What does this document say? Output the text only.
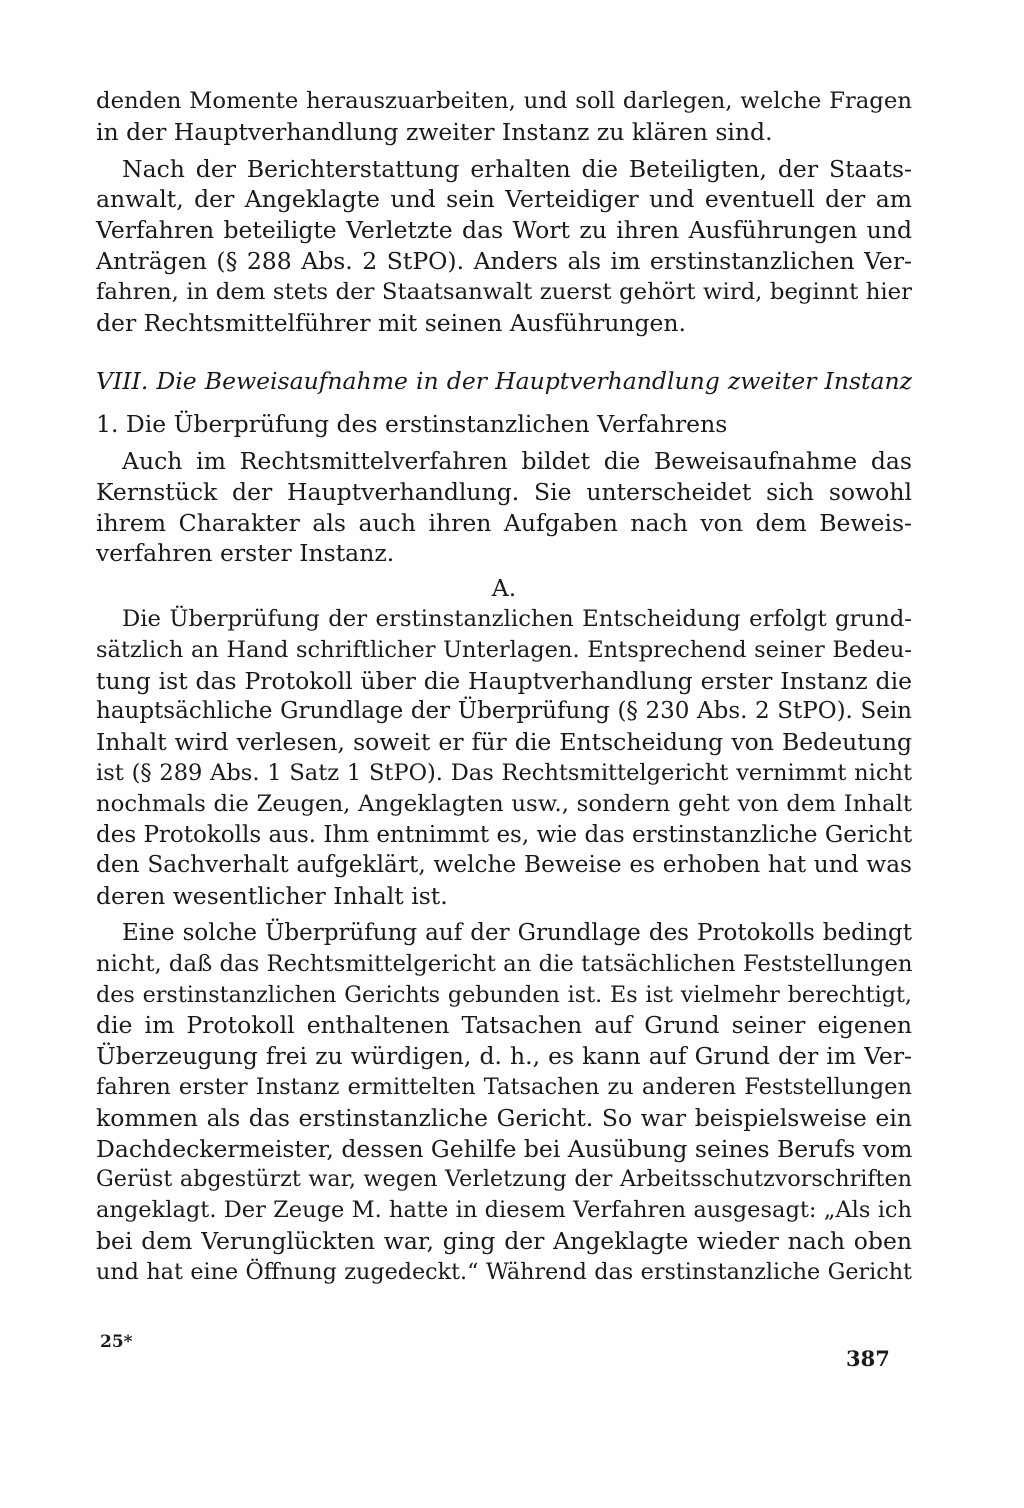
denden Momente herauszuarbeiten, und soll darlegen, welche Fragen
in der Hauptverhandlung zweiter Instanz zu klären sind.
Nach der Berichterstattung erhalten die Beteiligten, der Staats-
anwalt, der Angeklagte und sein Verteidiger und eventuell der am
Verfahren beteiligte Verletzte das Wort zu ihren Ausführungen und
Anträgen (§ 288 Abs. 2 StPO). Anders als im erstinstanzlichen Ver-
fahren, in dem stets der Staatsanwalt zuerst gehört wird, beginnt hier
der Rechtsmittelführer mit seinen Ausführungen.
VIII. Die Beweisaufnahme in der Hauptverhandlung zweiter Instanz
1. Die Überprüfung des erstinstanzlichen Verfahrens
Auch im Rechtsmittelverfahren bildet die Beweisaufnahme das
Kernstück der Hauptverhandlung. Sie unterscheidet sich sowohl
ihrem Charakter als auch ihren Aufgaben nach von dem Beweis-
verfahren erster Instanz.
A.
Die Überprüfung der erstinstanzlichen Entscheidung erfolgt grund-
sätzlich an Hand schriftlicher Unterlagen. Entsprechend seiner Bedeu-
tung ist das Protokoll über die Hauptverhandlung erster Instanz die
hauptsächliche Grundlage der Überprüfung (§ 230 Abs. 2 StPO). Sein
Inhalt wird verlesen, soweit er für die Entscheidung von Bedeutung
ist (§ 289 Abs. 1 Satz 1 StPO). Das Rechtsmittelgericht vernimmt nicht
nochmals die Zeugen, Angeklagten usw., sondern geht von dem Inhalt
des Protokolls aus. Ihm entnimmt es, wie das erstinstanzliche Gericht
den Sachverhalt aufgeklärt, welche Beweise es erhoben hat und was
deren wesentlicher Inhalt ist.
Eine solche Überprüfung auf der Grundlage des Protokolls bedingt
nicht, daß das Rechtsmittelgericht an die tatsächlichen Feststellungen
des erstinstanzlichen Gerichts gebunden ist. Es ist vielmehr berechtigt,
die im Protokoll enthaltenen Tatsachen auf Grund seiner eigenen
Überzeugung frei zu würdigen, d. h., es kann auf Grund der im Ver-
fahren erster Instanz ermittelten Tatsachen zu anderen Feststellungen
kommen als das erstinstanzliche Gericht. So war beispielsweise ein
Dachdeckermeister, dessen Gehilfe bei Ausübung seines Berufs vom
Gerüst abgestürzt war, wegen Verletzung der Arbeitsschutzvorschriften
angeklagt. Der Zeuge M. hatte in diesem Verfahren ausgesagt: „Als ich
bei dem Verunglückten war, ging der Angeklagte wieder nach oben
und hat eine Öffnung zugedeckt.“ Während das erstinstanzliche Gericht
25*
387
